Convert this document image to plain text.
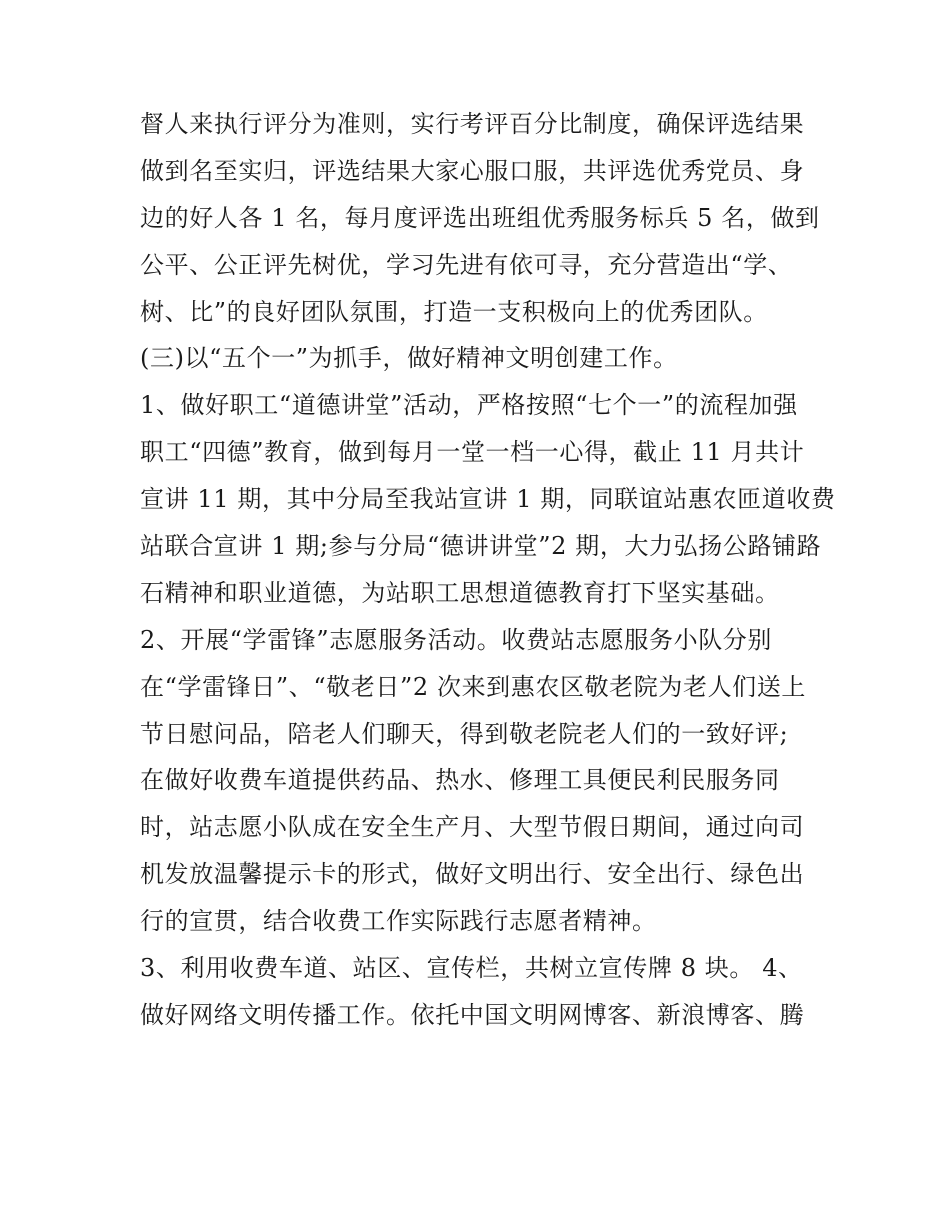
督人来执行评分为准则，实行考评百分比制度，确保评选结果
做到名至实归，评选结果大家心服口服，共评选优秀党员、身
边的好人各 1 名，每月度评选出班组优秀服务标兵 5 名，做到
公平、公正评先树优，学习先进有依可寻，充分营造出“学、
树、比”的良好团队氛围，打造一支积极向上的优秀团队。
(三)以“五个一”为抓手，做好精神文明创建工作。
1、做好职工“道德讲堂”活动，严格按照“七个一”的流程加强
职工“四德”教育，做到每月一堂一档一心得，截止 11 月共计
宣讲 11 期，其中分局至我站宣讲 1 期，同联谊站惠农匝道收费
站联合宣讲 1 期;参与分局“德讲讲堂”2 期，大力弘扬公路铺路
石精神和职业道德，为站职工思想道德教育打下坚实基础。
2、开展“学雷锋”志愿服务活动。收费站志愿服务小队分别
在“学雷锋日”、“敬老日”2 次来到惠农区敬老院为老人们送上
节日慰问品，陪老人们聊天，得到敬老院老人们的一致好评;
在做好收费车道提供药品、热水、修理工具便民利民服务同
时，站志愿小队成在安全生产月、大型节假日期间，通过向司
机发放温馨提示卡的形式，做好文明出行、安全出行、绿色出
行的宣贯，结合收费工作实际践行志愿者精神。
3、利用收费车道、站区、宣传栏，共树立宣传牌 8 块。 4、
做好网络文明传播工作。依托中国文明网博客、新浪博客、腾
